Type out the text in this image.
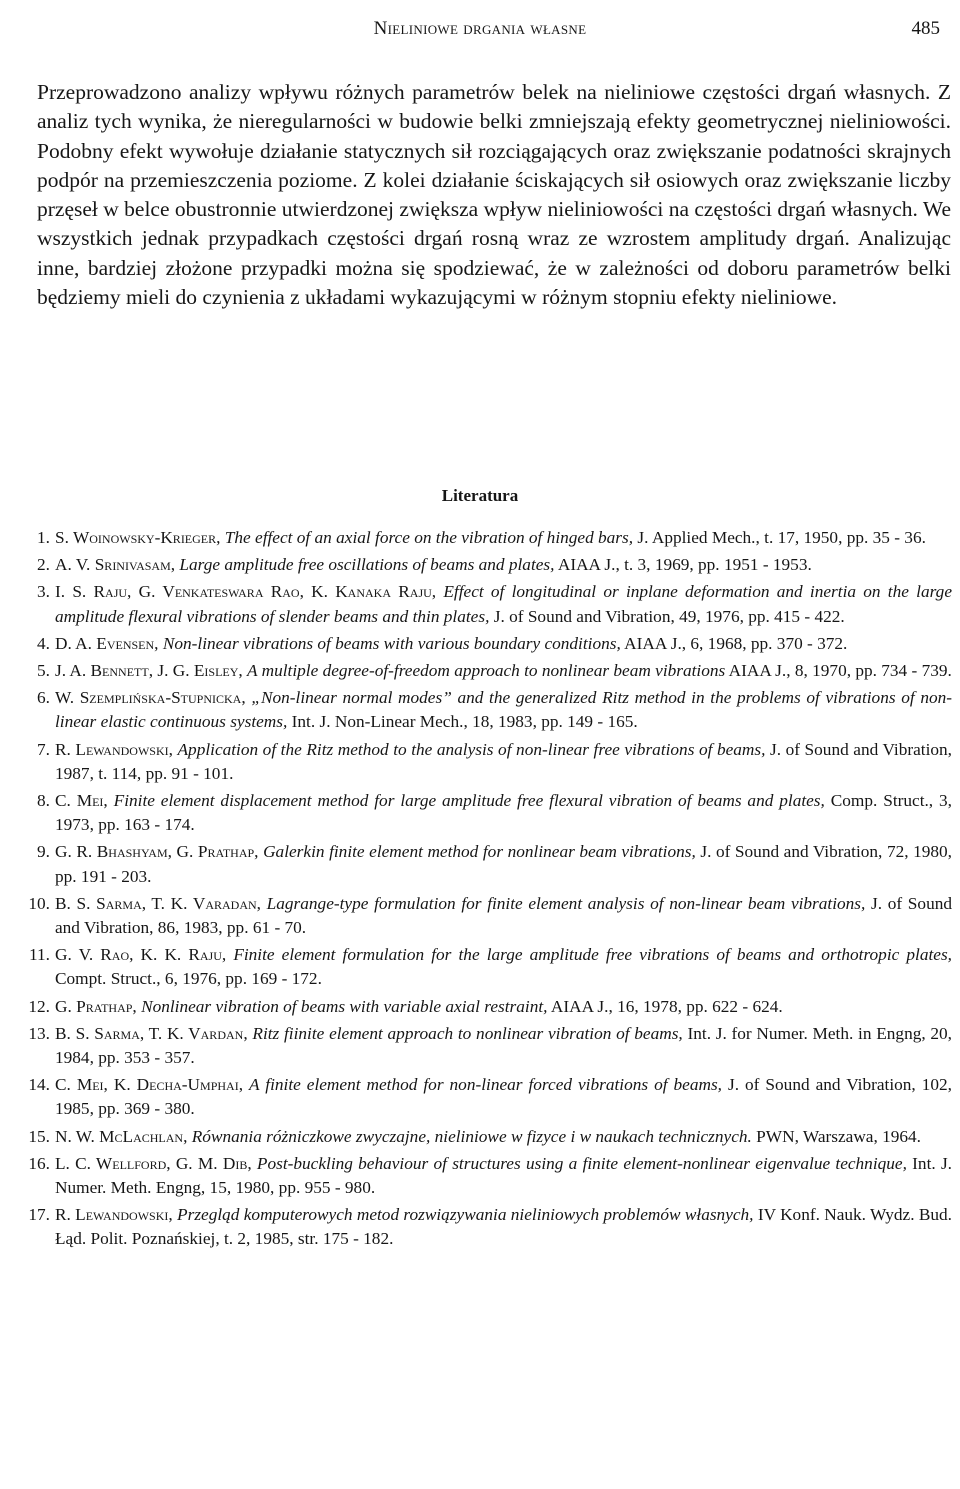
Nieliniowe drgania własne	485

Przeprowadzono analizy wpływu różnych parametrów belek na nieliniowe częstości drgań własnych. Z analiz tych wynika, że nieregularności w budowie belki zmniejszają efekty geometrycznej nieliniowości. Podobny efekt wywołuje działanie statycznych sił rozciągających oraz zwiększanie podatności skrajnych podpór na przemieszczenia poziome. Z kolei działanie ściskających sił osiowych oraz zwiększanie liczby przęseł w belce obustronnie utwierdzonej zwiększa wpływ nieliniowości na częstości drgań własnych. We wszystkich jednak przypadkach częstości drgań rosną wraz ze wzrostem amplitudy drgań. Analizując inne, bardziej złożone przypadki można się spodziewać, że w zależności od doboru parametrów belki będziemy mieli do czynienia z układami wykazującymi w różnym stopniu efekty nieliniowe.

Literatura
1. S. Woinowsky-Krieger, The effect of an axial force on the vibration of hinged bars, J. Applied Mech., t. 17, 1950, pp. 35 - 36.
2. A. V. Srinivasam, Large amplitude free oscillations of beams and plates, AIAA J., t. 3, 1969, pp. 1951 - 1953.
3. I. S. Raju, G. Venkateswara Rao, K. Kanaka Raju, Effect of longitudinal or inplane deformation and inertia on the large amplitude flexural vibrations of slender beams and thin plates, J. of Sound and Vibration, 49, 1976, pp. 415 - 422.
4. D. A. Evensen, Non-linear vibrations of beams with various boundary conditions, AIAA J., 6, 1968, pp. 370 - 372.
5. J. A. Bennett, J. G. Eisley, A multiple degree-of-freedom approach to nonlinear beam vibrations AIAA J., 8, 1970, pp. 734 - 739.
6. W. Szemplińska-Stupnicka, „Non-linear normal modes” and the generalized Ritz method in the problems of vibrations of non-linear elastic continuous systems, Int. J. Non-Linear Mech., 18, 1983, pp. 149 - 165.
7. R. Lewandowski, Application of the Ritz method to the analysis of non-linear free vibrations of beams, J. of Sound and Vibration, 1987, t. 114, pp. 91 - 101.
8. C. Mei, Finite element displacement method for large amplitude free flexural vibration of beams and plates, Comp. Struct., 3, 1973, pp. 163 - 174.
9. G. R. Bhashyam, G. Prathap, Galerkin finite element method for nonlinear beam vibrations, J. of Sound and Vibration, 72, 1980, pp. 191 - 203.
10. B. S. Sarma, T. K. Varadan, Lagrange-type formulation for finite element analysis of non-linear beam vibrations, J. of Sound and Vibration, 86, 1983, pp. 61 - 70.
11. G. V. Rao, K. K. Raju, Finite element formulation for the large amplitude free vibrations of beams and orthotropic plates, Compt. Struct., 6, 1976, pp. 169 - 172.
12. G. Prathap, Nonlinear vibration of beams with variable axial restraint, AIAA J., 16, 1978, pp. 622 - 624.
13. B. S. Sarma, T. K. Vardan, Ritz fiinite element approach to nonlinear vibration of beams, Int. J. for Numer. Meth. in Engng, 20, 1984, pp. 353 - 357.
14. C. Mei, K. Decha-Umphai, A finite element method for non-linear forced vibrations of beams, J. of Sound and Vibration, 102, 1985, pp. 369 - 380.
15. N. W. McLachlan, Równania różniczkowe zwyczajne, nieliniowe w fizyce i w naukach technicznych. PWN, Warszawa, 1964.
16. L. C. Wellford, G. M. Dib, Post-buckling behaviour of structures using a finite element-nonlinear eigenvalue technique, Int. J. Numer. Meth. Engng, 15, 1980, pp. 955 - 980.
17. R. Lewandowski, Przegląd komputerowych metod rozwiązywania nieliniowych problemów własnych, IV Konf. Nauk. Wydz. Bud. Łąd. Polit. Poznańskiej, t. 2, 1985, str. 175 - 182.
